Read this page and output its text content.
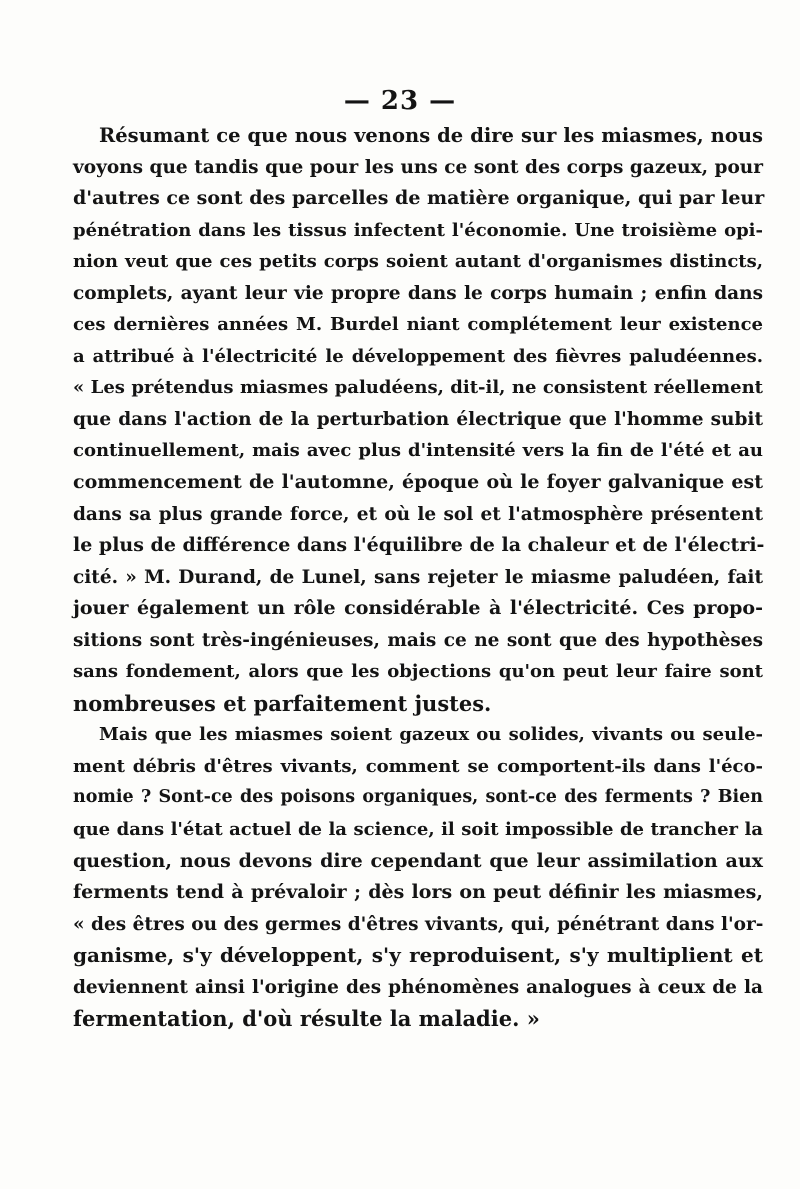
— 23 —
Résumant ce que nous venons de dire sur les miasmes, nous
voyons que tandis que pour les uns ce sont des corps gazeux, pour
d'autres ce sont des parcelles de matière organique, qui par leur
pénétration dans les tissus infectent l'économie. Une troisième opi-
nion veut que ces petits corps soient autant d'organismes distincts,
complets, ayant leur vie propre dans le corps humain ; enfin dans
ces dernières années M. Burdel niant complétement leur existence
a attribué à l'électricité le développement des fièvres paludéennes.
« Les prétendus miasmes paludéens, dit-il, ne consistent réellement
que dans l'action de la perturbation électrique que l'homme subit
continuellement, mais avec plus d'intensité vers la fin de l'été et au
commencement de l'automne, époque où le foyer galvanique est
dans sa plus grande force, et où le sol et l'atmosphère présentent
le plus de différence dans l'équilibre de la chaleur et de l'électri-
cité. » M. Durand, de Lunel, sans rejeter le miasme paludéen, fait
jouer également un rôle considérable à l'électricité. Ces propo-
sitions sont très-ingénieuses, mais ce ne sont que des hypothèses
sans fondement, alors que les objections qu'on peut leur faire sont
nombreuses et parfaitement justes.
Mais que les miasmes soient gazeux ou solides, vivants ou seule-
ment débris d'êtres vivants, comment se comportent-ils dans l'éco-
nomie ? Sont-ce des poisons organiques, sont-ce des ferments ? Bien
que dans l'état actuel de la science, il soit impossible de trancher la
question, nous devons dire cependant que leur assimilation aux
ferments tend à prévaloir ; dès lors on peut définir les miasmes,
« des êtres ou des germes d'êtres vivants, qui, pénétrant dans l'or-
ganisme, s'y développent, s'y reproduisent, s'y multiplient et
deviennent ainsi l'origine des phénomènes analogues à ceux de la
fermentation, d'où résulte la maladie. »
